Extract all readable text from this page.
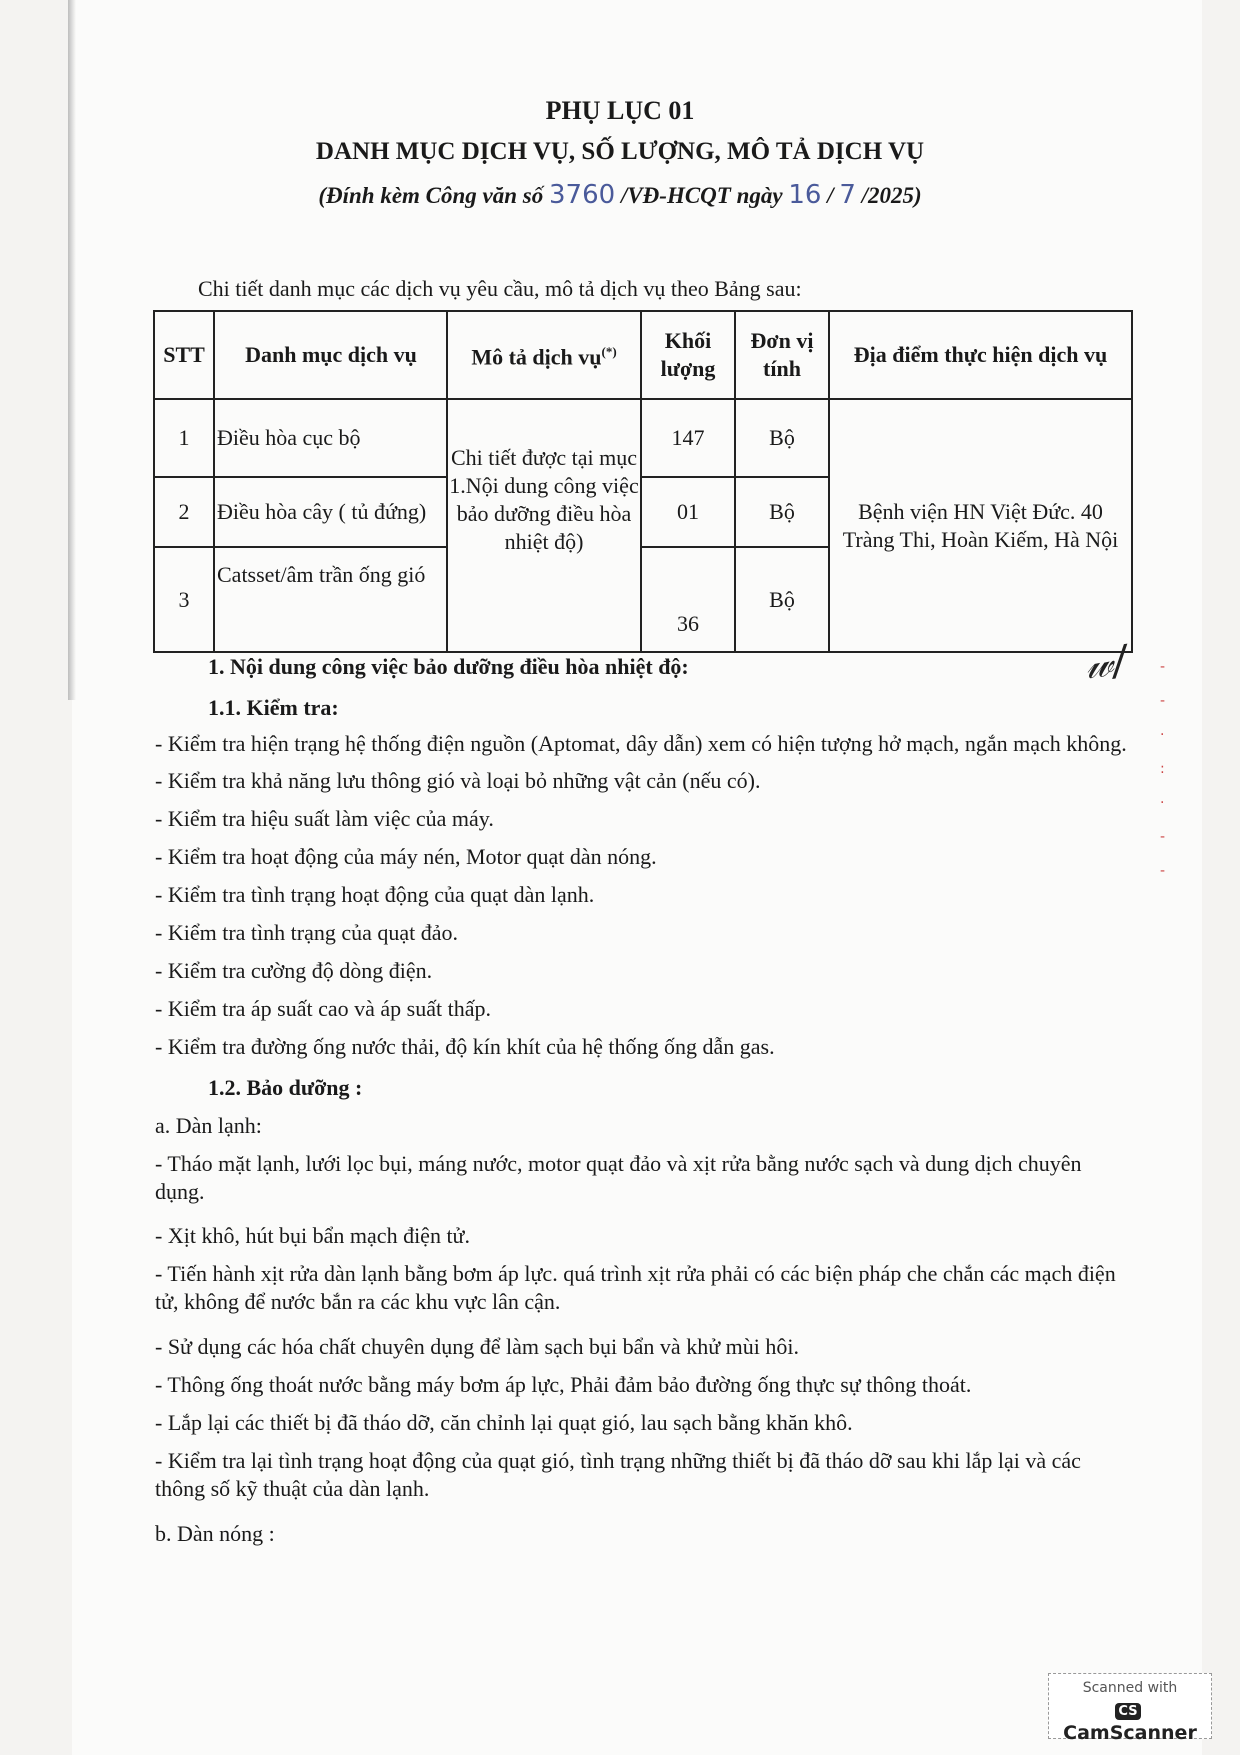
PHỤ LỤC 01
DANH MỤC DỊCH VỤ, SỐ LƯỢNG, MÔ TẢ DỊCH VỤ
(Đính kèm Công văn số 3760 /VĐ-HCQT ngày 16 / 7 /2025)
Chi tiết danh mục các dịch vụ yêu cầu, mô tả dịch vụ theo Bảng sau:
STT	Danh mục dịch vụ	Mô tả dịch vụ(*)	Khối lượng	Đơn vị tính	Địa điểm thực hiện dịch vụ
1	Điều hòa cục bộ	Chi tiết được tại mục 1.Nội dung công việc bảo dưỡng điều hòa nhiệt độ)	147	Bộ	Bệnh viện HN Việt Đức. 40 Tràng Thi, Hoàn Kiếm, Hà Nội
2	Điều hòa cây ( tủ đứng)		01	Bộ	
3	Catsset/âm trần ống gió		36	Bộ	
𝓌/ -
-
·
:
·
-
-
1. Nội dung công việc bảo dưỡng điều hòa nhiệt độ:
1.1. Kiểm tra:
- Kiểm tra hiện trạng hệ thống điện nguồn (Aptomat, dây dẫn) xem có hiện tượng hở mạch, ngắn mạch không.
- Kiểm tra khả năng lưu thông gió và loại bỏ những vật cản (nếu có).
- Kiểm tra hiệu suất làm việc của máy.
- Kiểm tra hoạt động của máy nén, Motor quạt dàn nóng.
- Kiểm tra tình trạng hoạt động của quạt dàn lạnh.
- Kiểm tra tình trạng của quạt đảo.
- Kiểm tra cường độ dòng điện.
- Kiểm tra áp suất cao và áp suất thấp.
- Kiểm tra đường ống nước thải, độ kín khít của hệ thống ống dẫn gas.
1.2. Bảo dưỡng :
a. Dàn lạnh:
- Tháo mặt lạnh, lưới lọc bụi, máng nước, motor quạt đảo và xịt rửa bằng nước sạch và dung dịch chuyên dụng.
- Xịt khô, hút bụi bẩn mạch điện tử.
- Tiến hành xịt rửa dàn lạnh bằng bơm áp lực. quá trình xịt rửa phải có các biện pháp che chắn các mạch điện tử, không để nước bắn ra các khu vực lân cận.
- Sử dụng các hóa chất chuyên dụng để làm sạch bụi bẩn và khử mùi hôi.
- Thông ống thoát nước bằng máy bơm áp lực, Phải đảm bảo đường ống thực sự thông thoát.
- Lắp lại các thiết bị đã tháo dỡ, căn chỉnh lại quạt gió, lau sạch bằng khăn khô.
- Kiểm tra lại tình trạng hoạt động của quạt gió, tình trạng những thiết bị đã tháo dỡ sau khi lắp lại và các thông số kỹ thuật của dàn lạnh.
b. Dàn nóng :
Scanned with
CSCamScanner
